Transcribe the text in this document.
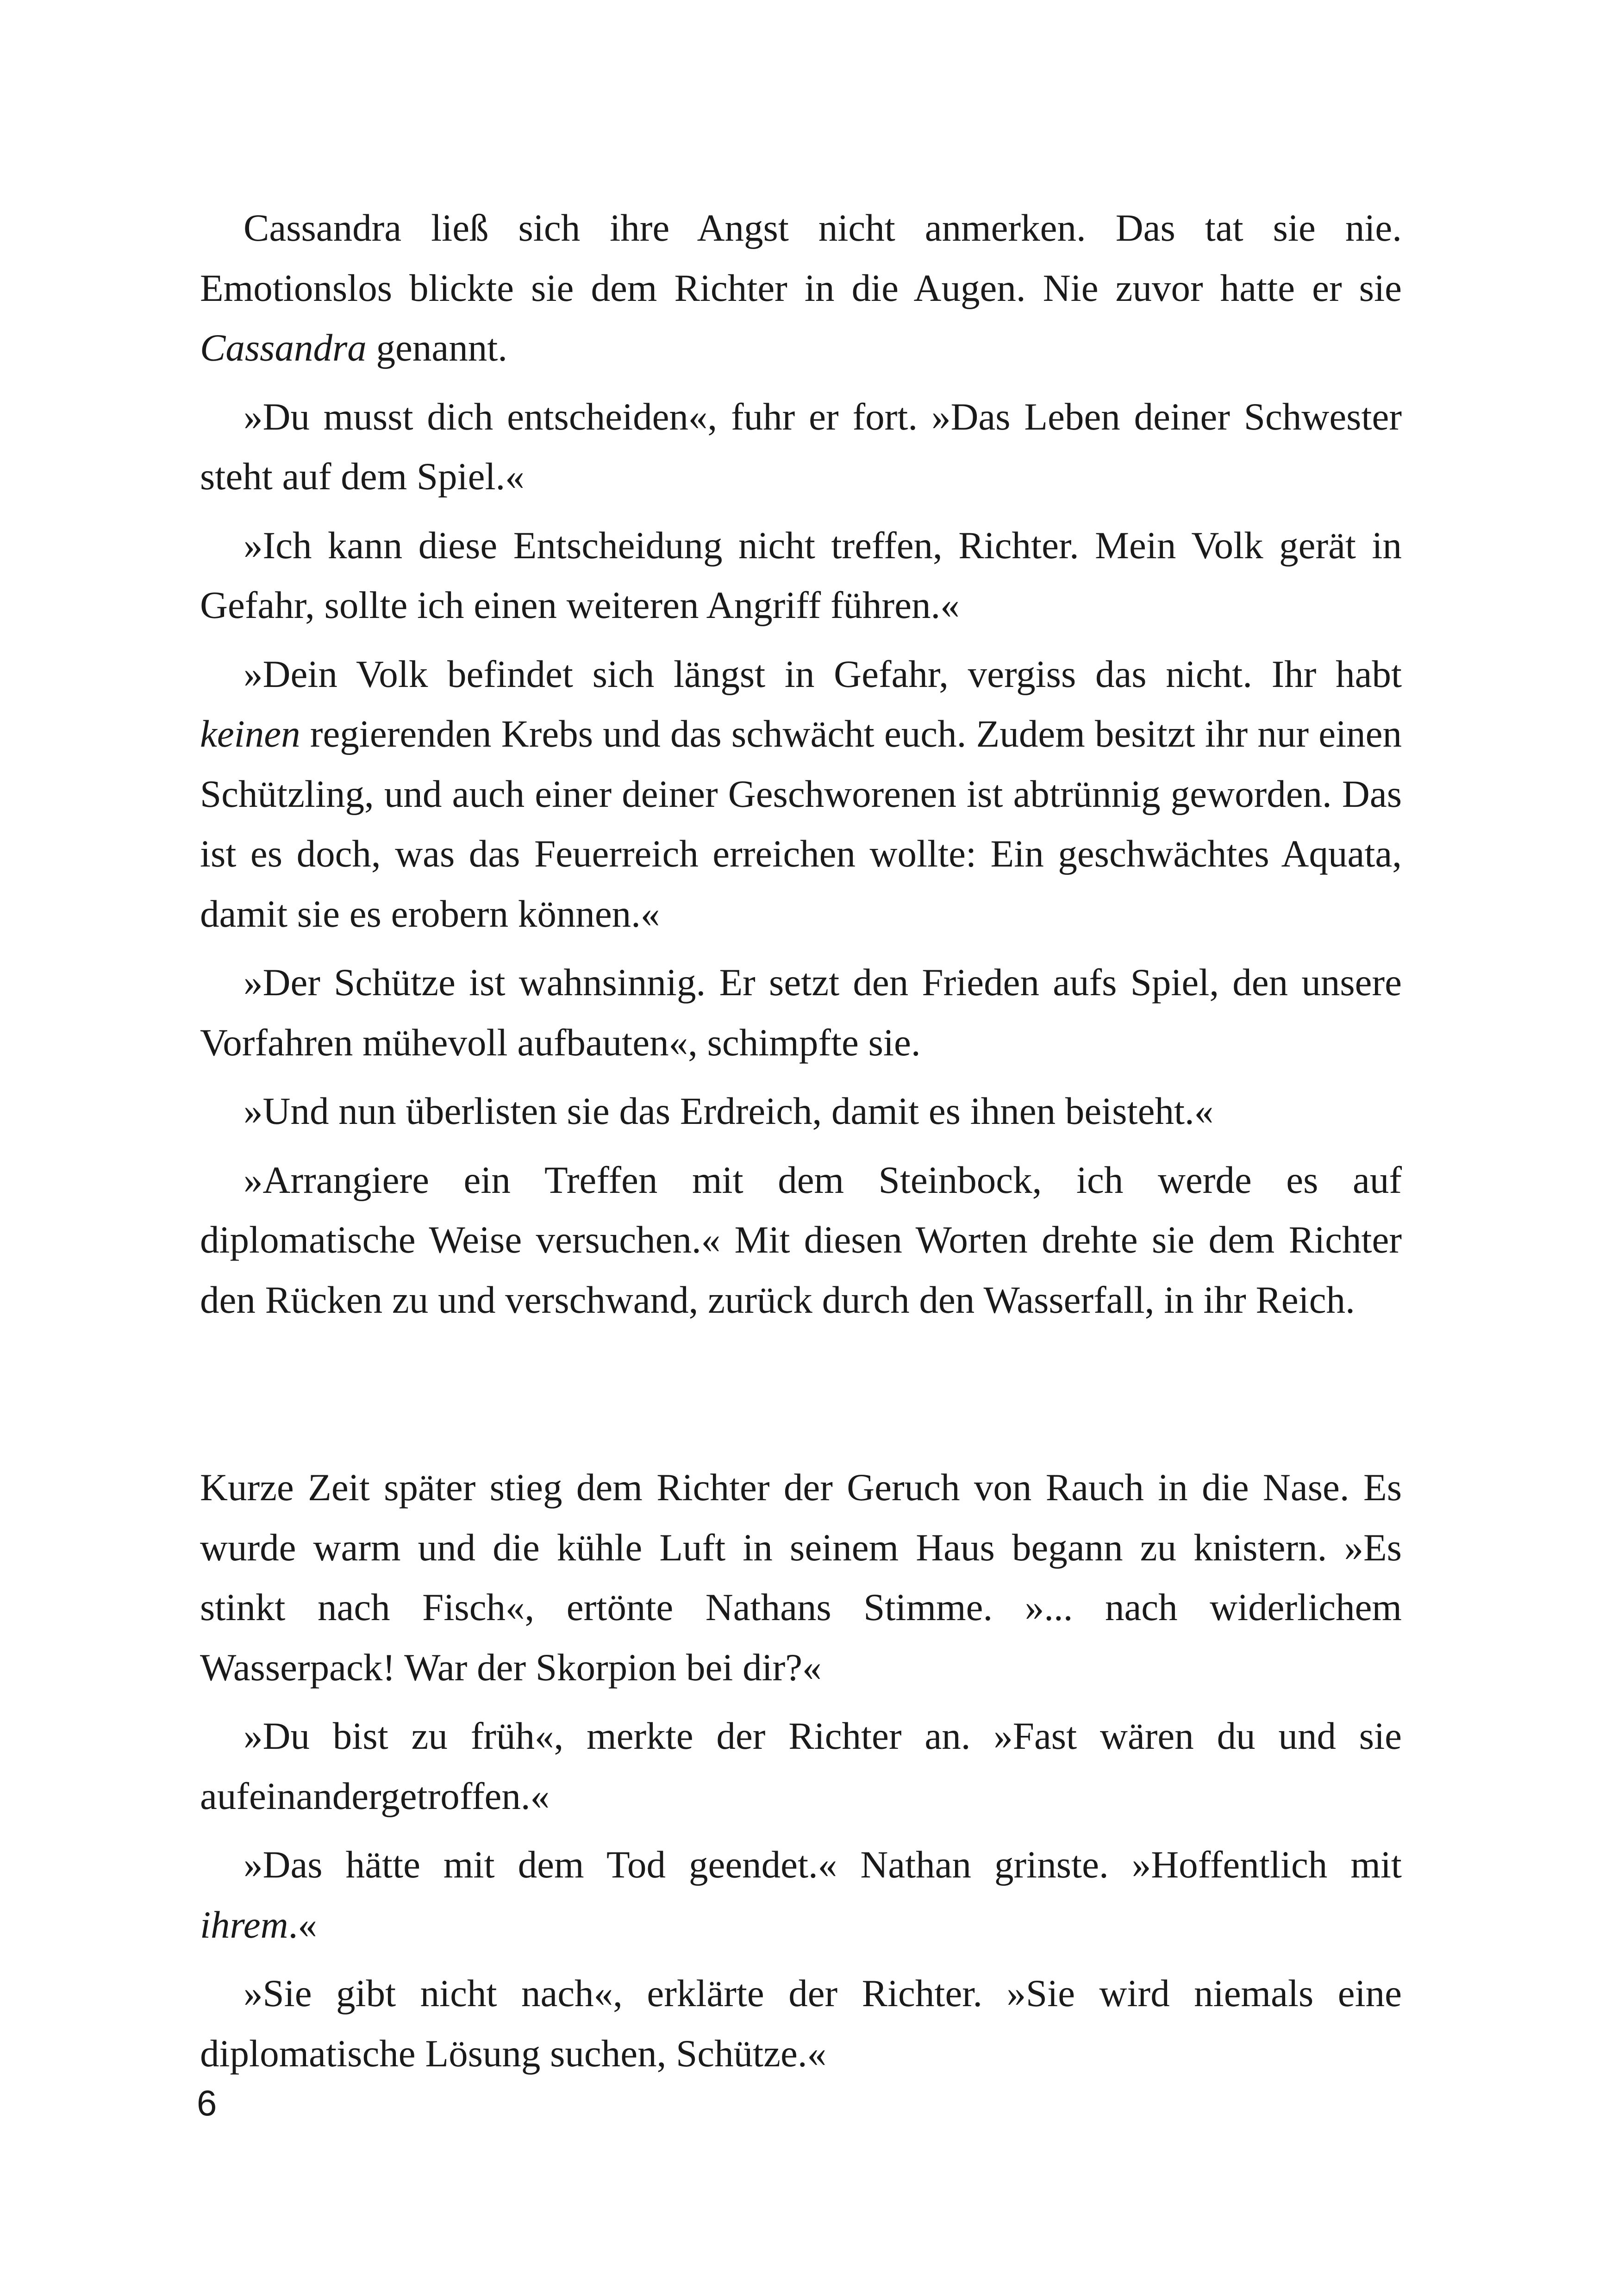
Cassandra ließ sich ihre Angst nicht anmerken. Das tat sie nie. Emotionslos blickte sie dem Richter in die Augen. Nie zuvor hatte er sie Cassandra genannt.

»Du musst dich entscheiden«, fuhr er fort. »Das Leben deiner Schwester steht auf dem Spiel.«

»Ich kann diese Entscheidung nicht treffen, Richter. Mein Volk gerät in Gefahr, sollte ich einen weiteren Angriff führen.«

»Dein Volk befindet sich längst in Gefahr, vergiss das nicht. Ihr habt keinen regierenden Krebs und das schwächt euch. Zudem besitzt ihr nur einen Schützling, und auch einer deiner Geschworenen ist abtrünnig geworden. Das ist es doch, was das Feuerreich erreichen wollte: Ein geschwächtes Aquata, damit sie es erobern können.«

»Der Schütze ist wahnsinnig. Er setzt den Frieden aufs Spiel, den unsere Vorfahren mühevoll aufbauten«, schimpfte sie.

»Und nun überlisten sie das Erdreich, damit es ihnen beisteht.«

»Arrangiere ein Treffen mit dem Steinbock, ich werde es auf diplomatische Weise versuchen.« Mit diesen Worten drehte sie dem Richter den Rücken zu und verschwand, zurück durch den Wasserfall, in ihr Reich.

Kurze Zeit später stieg dem Richter der Geruch von Rauch in die Nase. Es wurde warm und die kühle Luft in seinem Haus begann zu knistern. »Es stinkt nach Fisch«, ertönte Nathans Stimme. »... nach widerlichem Wasserpack! War der Skorpion bei dir?«

»Du bist zu früh«, merkte der Richter an. »Fast wären du und sie aufeinandergetroffen.«

»Das hätte mit dem Tod geendet.« Nathan grinste. »Hoffentlich mit ihrem.«

»Sie gibt nicht nach«, erklärte der Richter. »Sie wird niemals eine diplomatische Lösung suchen, Schütze.«

6
